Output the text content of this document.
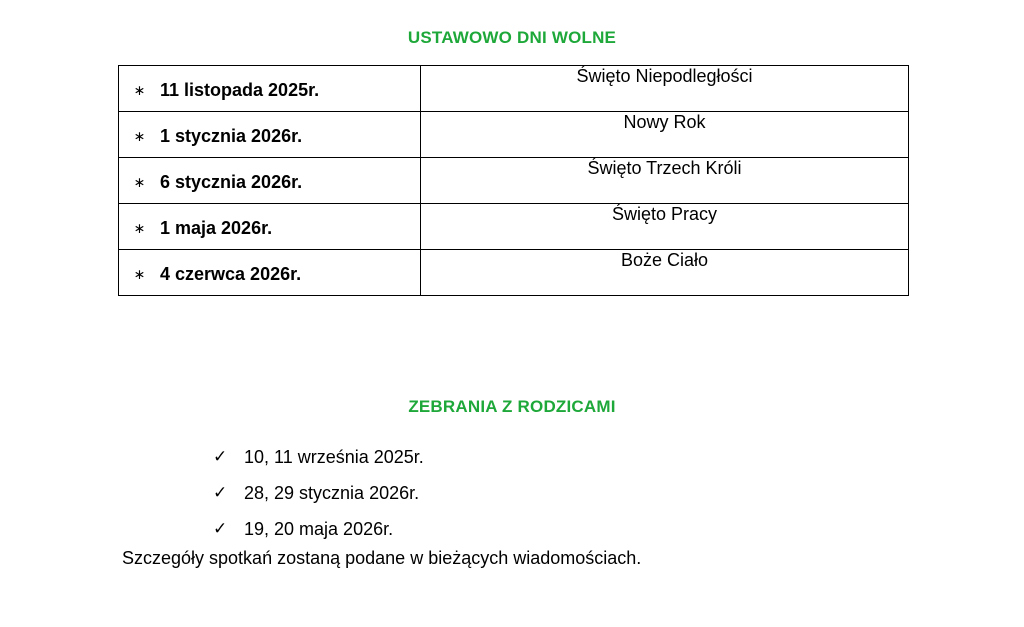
USTAWOWO DNI WOLNE
∗ 11 listopada 2025r.	Święto Niepodległości

∗ 1 stycznia 2026r.	Nowy Rok

∗ 6 stycznia 2026r.	Święto Trzech Króli

∗ 1 maja 2026r.	Święto Pracy

∗ 4 czerwca 2026r.	Boże Ciało
ZEBRANIA Z RODZICAMI
✓ 10, 11 września 2025r.
✓ 28, 29 stycznia 2026r.
✓ 19, 20 maja 2026r.
Szczegóły spotkań zostaną podane w bieżących wiadomościach.
